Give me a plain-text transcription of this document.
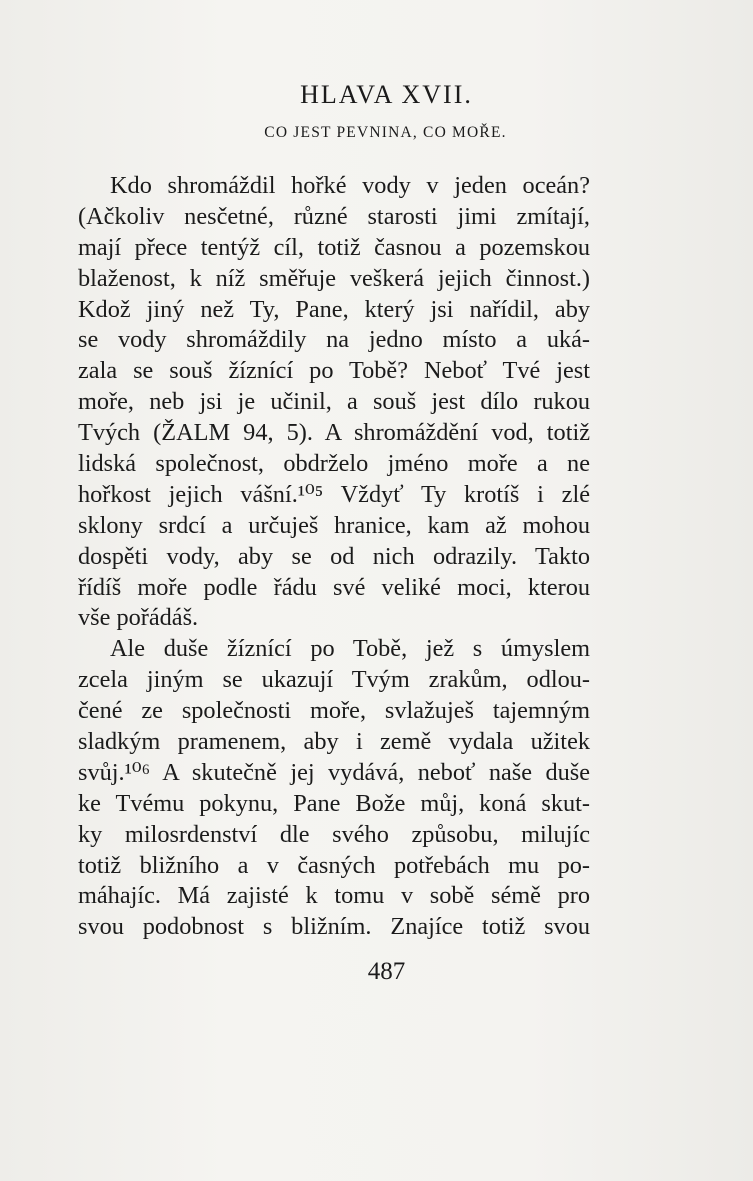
HLAVA XVII.
CO JEST PEVNINA, CO MOŘE.
Kdo shromáždil hořké vody v jeden oceán?
(Ačkoliv nesčetné, různé starosti jimi zmítají,
mají přece tentýž cíl, totiž časnou a pozemskou
blaženost, k níž směřuje veškerá jejich činnost.)
Kdož jiný než Ty, Pane, který jsi nařídil, aby
se vody shromáždily na jedno místo a uká-
zala se souš žíznící po Tobě? Neboť Tvé jest
moře, neb jsi je učinil, a souš jest dílo rukou
Tvých (ŽALM 94, 5). A shromáždění vod, totiž
lidská společnost, obdrželo jméno moře a ne
hořkost jejich vášní.¹⁰⁵ Vždyť Ty krotíš i zlé
sklony srdcí a určuješ hranice, kam až mohou
dospěti vody, aby se od nich odrazily. Takto
řídíš moře podle řádu své veliké moci, kterou
vše pořádáš.
Ale duše žíznící po Tobě, jež s úmyslem
zcela jiným se ukazují Tvým zrakům, odlou-
čené ze společnosti moře, svlažuješ tajemným
sladkým pramenem, aby i země vydala užitek
svůj.¹⁰⁶ A skutečně jej vydává, neboť naše duše
ke Tvému pokynu, Pane Bože můj, koná skut-
ky milosrdenství dle svého způsobu, milujíc
totiž bližního a v časných potřebách mu po-
máhajíc. Má zajisté k tomu v sobě sémě pro
svou podobnost s bližním. Znajíce totiž svou
487
